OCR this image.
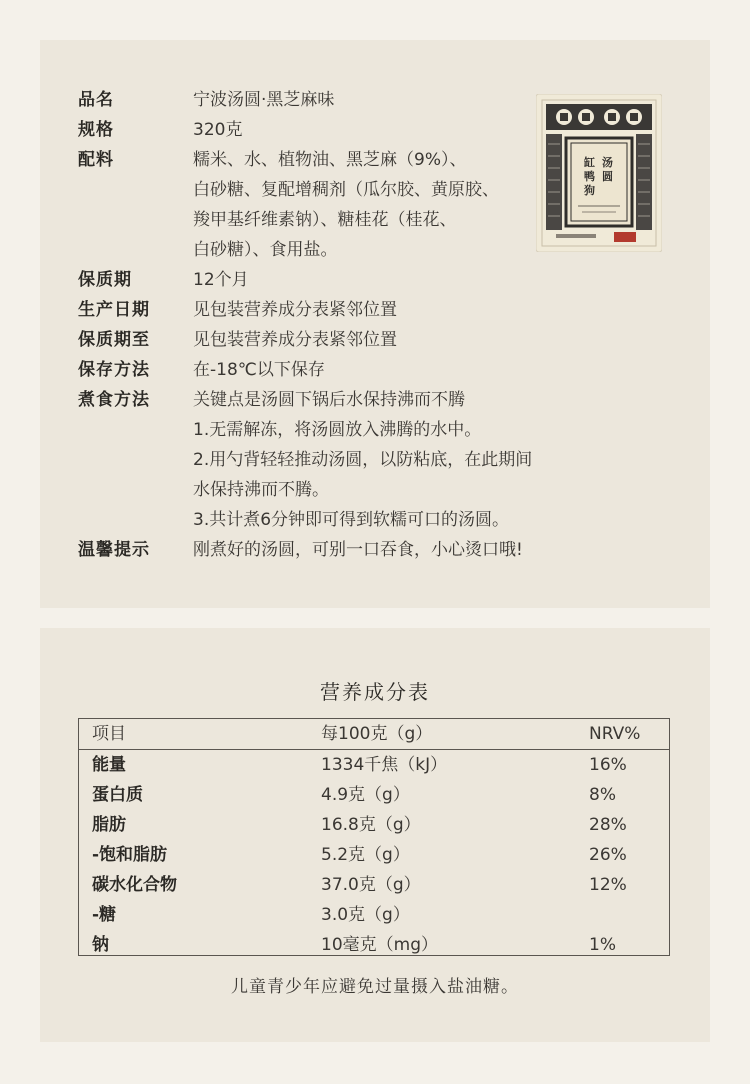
品名	宁波汤圆·黑芝麻味
规格	320克
配料	糯米、水、植物油、黑芝麻（9%）、
白砂糖、复配增稠剂（瓜尔胶、黄原胶、
羧甲基纤维素钠）、糖桂花（桂花、
白砂糖）、食用盐。
保质期	12个月
生产日期	见包装营养成分表紧邻位置
保质期至	见包装营养成分表紧邻位置
保存方法	在-18℃以下保存
煮食方法	关键点是汤圆下锅后水保持沸而不腾
1.无需解冻，将汤圆放入沸腾的水中。
2.用勺背轻轻推动汤圆，以防粘底，在此期间
水保持沸而不腾。
3.共计煮6分钟即可得到软糯可口的汤圆。
温馨提示	刚煮好的汤圆，可别一口吞食，小心烫口哦!
缸
鸭
狗
汤
圆
营养成分表
项目	每100克（g）	NRV%
能量	1334千焦（kJ）	16%
蛋白质	4.9克（g）	8%
脂肪	16.8克（g）	28%
-饱和脂肪	5.2克（g）	26%
碳水化合物	37.0克（g）	12%
-糖	3.0克（g）
钠	10毫克（mg）	1%
儿童青少年应避免过量摄入盐油糖。
